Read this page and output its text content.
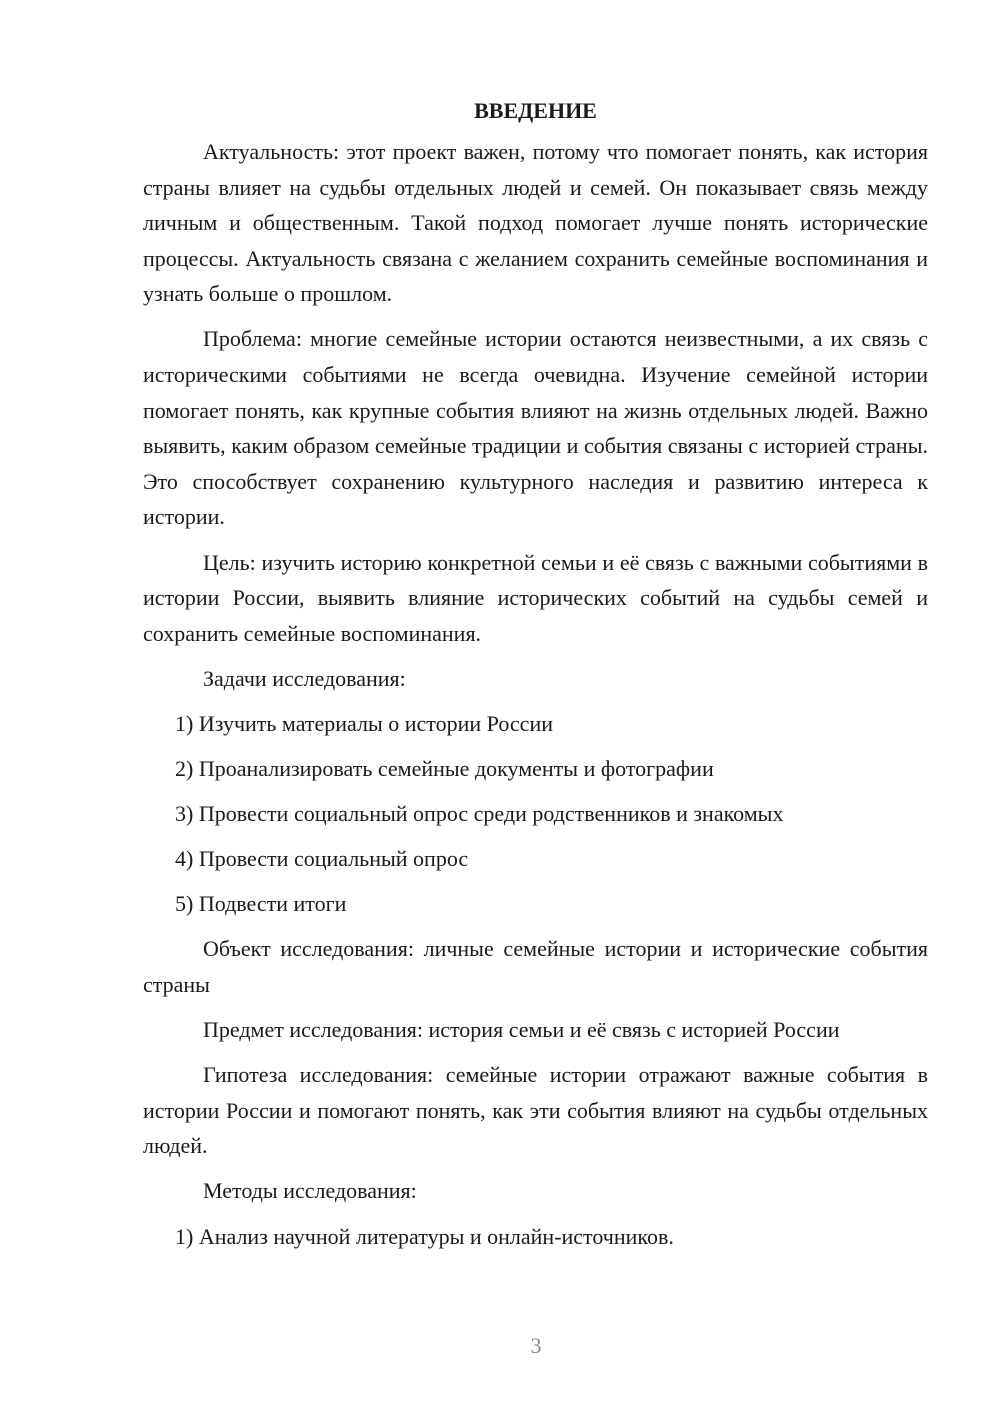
ВВЕДЕНИЕ

Актуальность: этот проект важен, потому что помогает понять, как история страны влияет на судьбы отдельных людей и семей. Он показывает связь между личным и общественным. Такой подход помогает лучше понять исторические процессы. Актуальность связана с желанием сохранить семейные воспоминания и узнать больше о прошлом.

Проблема: многие семейные истории остаются неизвестными, а их связь с историческими событиями не всегда очевидна. Изучение семейной истории помогает понять, как крупные события влияют на жизнь отдельных людей. Важно выявить, каким образом семейные традиции и события связаны с историей страны. Это способствует сохранению культурного наследия и развитию интереса к истории.

Цель: изучить историю конкретной семьи и её связь с важными событиями в истории России, выявить влияние исторических событий на судьбы семей и сохранить семейные воспоминания.

Задачи исследования:

1) Изучить материалы о истории России
2) Проанализировать семейные документы и фотографии
3) Провести социальный опрос среди родственников и знакомых
4) Провести социальный опрос
5) Подвести итоги

Объект исследования: личные семейные истории и исторические события страны

Предмет исследования: история семьи и её связь с историей России

Гипотеза исследования: семейные истории отражают важные события в истории России и помогают понять, как эти события влияют на судьбы отдельных людей.

Методы исследования:

1) Анализ научной литературы и онлайн-источников.
3
